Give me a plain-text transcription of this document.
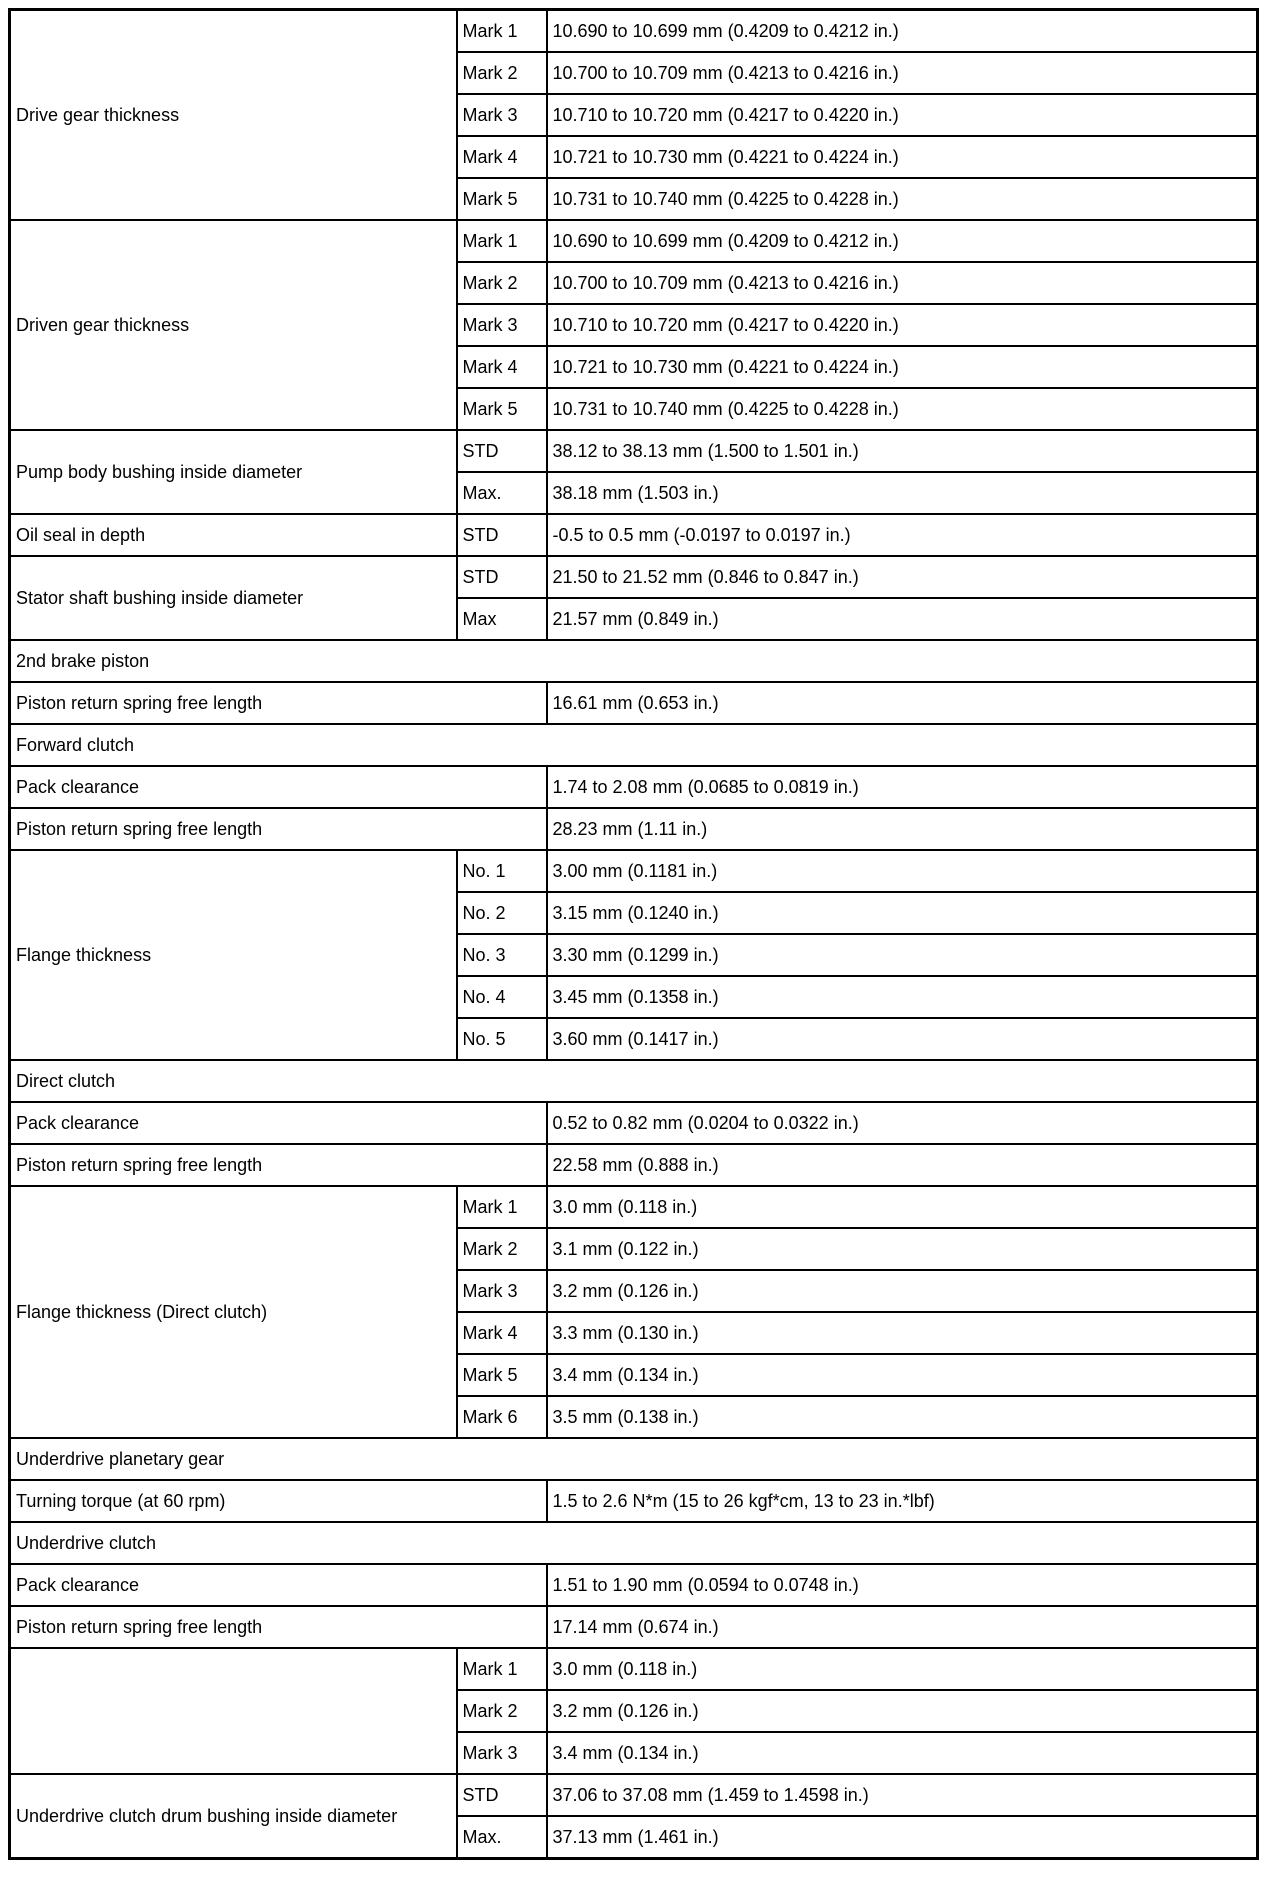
Drive gear thickness	Mark 1	10.690 to 10.699 mm (0.4209 to 0.4212 in.)
	Mark 2	10.700 to 10.709 mm (0.4213 to 0.4216 in.)
	Mark 3	10.710 to 10.720 mm (0.4217 to 0.4220 in.)
	Mark 4	10.721 to 10.730 mm (0.4221 to 0.4224 in.)
	Mark 5	10.731 to 10.740 mm (0.4225 to 0.4228 in.)
Driven gear thickness	Mark 1	10.690 to 10.699 mm (0.4209 to 0.4212 in.)
	Mark 2	10.700 to 10.709 mm (0.4213 to 0.4216 in.)
	Mark 3	10.710 to 10.720 mm (0.4217 to 0.4220 in.)
	Mark 4	10.721 to 10.730 mm (0.4221 to 0.4224 in.)
	Mark 5	10.731 to 10.740 mm (0.4225 to 0.4228 in.)
Pump body bushing inside diameter	STD	38.12 to 38.13 mm (1.500 to 1.501 in.)
	Max.	38.18 mm (1.503 in.)
Oil seal in depth	STD	-0.5 to 0.5 mm (-0.0197 to 0.0197 in.)
Stator shaft bushing inside diameter	STD	21.50 to 21.52 mm (0.846 to 0.847 in.)
	Max	21.57 mm (0.849 in.)
2nd brake piston		
Piston return spring free length		16.61 mm (0.653 in.)
Forward clutch		
Pack clearance		1.74 to 2.08 mm (0.0685 to 0.0819 in.)
Piston return spring free length		28.23 mm (1.11 in.)
Flange thickness	No. 1	3.00 mm (0.1181 in.)
	No. 2	3.15 mm (0.1240 in.)
	No. 3	3.30 mm (0.1299 in.)
	No. 4	3.45 mm (0.1358 in.)
	No. 5	3.60 mm (0.1417 in.)
Direct clutch		
Pack clearance		0.52 to 0.82 mm (0.0204 to 0.0322 in.)
Piston return spring free length		22.58 mm (0.888 in.)
Flange thickness (Direct clutch)	Mark 1	3.0 mm (0.118 in.)
	Mark 2	3.1 mm (0.122 in.)
	Mark 3	3.2 mm (0.126 in.)
	Mark 4	3.3 mm (0.130 in.)
	Mark 5	3.4 mm (0.134 in.)
	Mark 6	3.5 mm (0.138 in.)
Underdrive planetary gear		
Turning torque (at 60 rpm)		1.5 to 2.6 N*m (15 to 26 kgf*cm, 13 to 23 in.*lbf)
Underdrive clutch		
Pack clearance		1.51 to 1.90 mm (0.0594 to 0.0748 in.)
Piston return spring free length		17.14 mm (0.674 in.)
	Mark 1	3.0 mm (0.118 in.)
	Mark 2	3.2 mm (0.126 in.)
	Mark 3	3.4 mm (0.134 in.)
Underdrive clutch drum bushing inside diameter	STD	37.06 to 37.08 mm (1.459 to 1.4598 in.)
	Max.	37.13 mm (1.461 in.)
